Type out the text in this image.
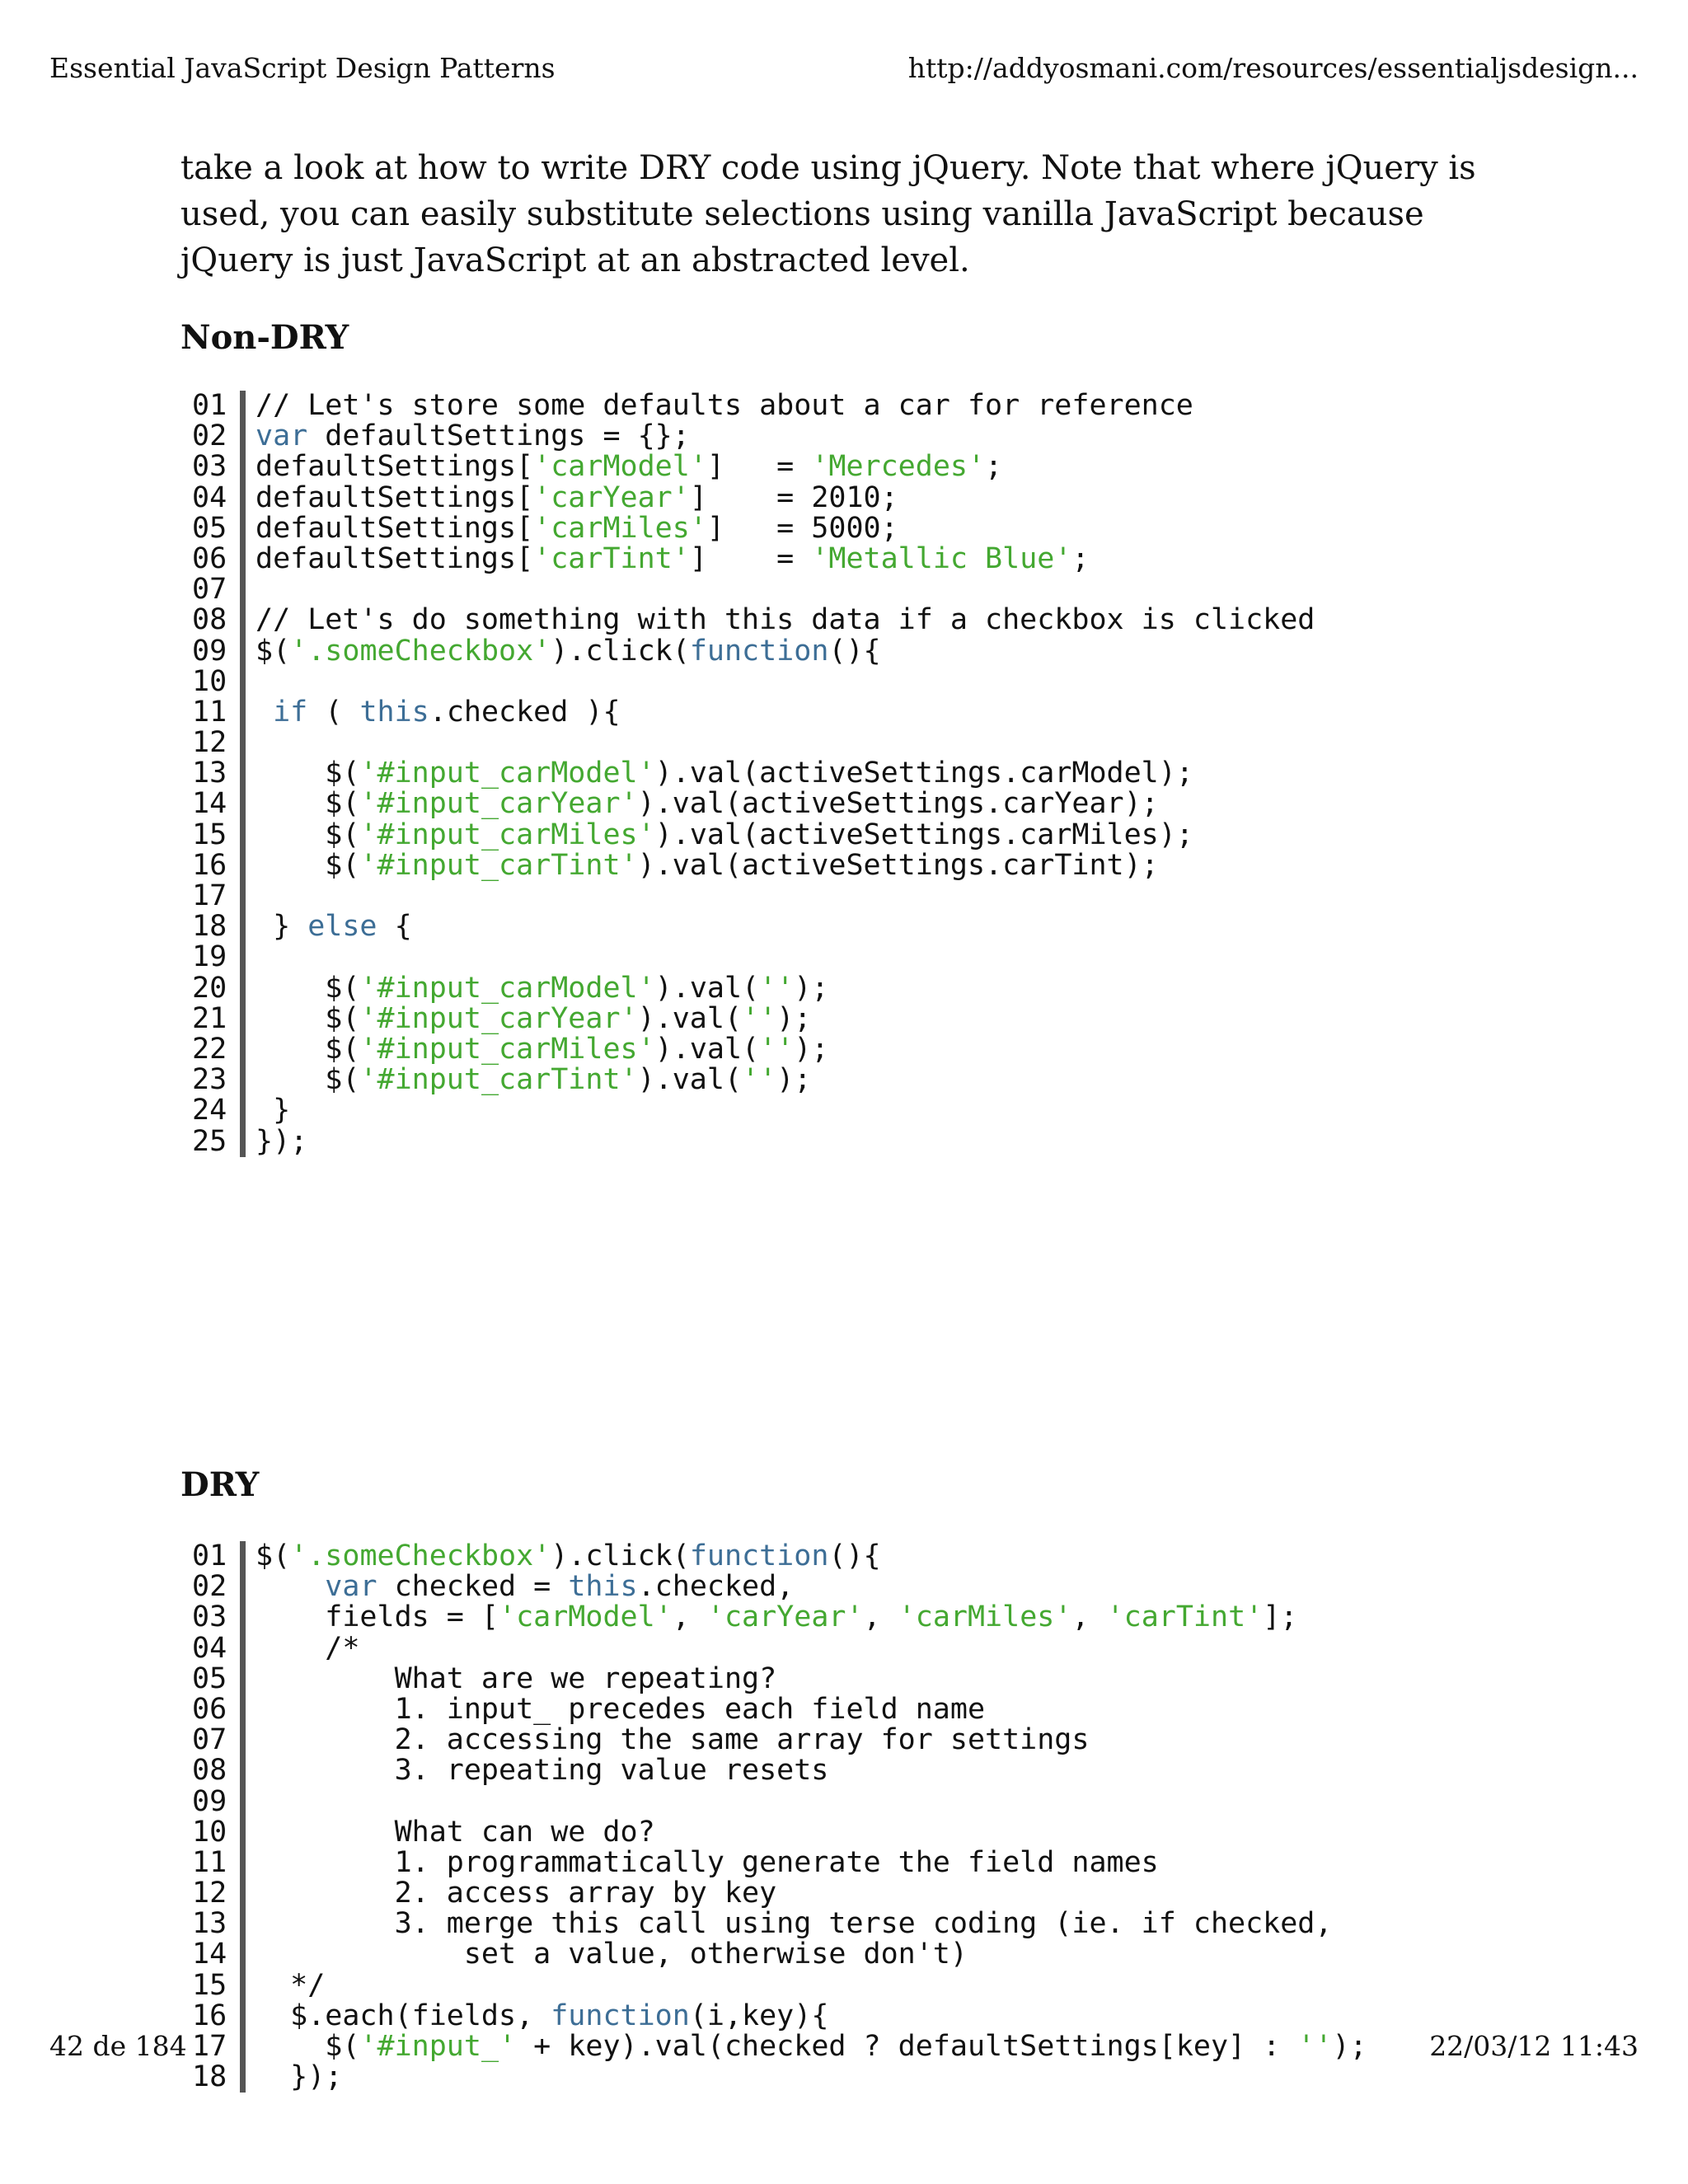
Essential JavaScript Design Patterns	http://addyosmani.com/resources/essentialjsdesign...

take a look at how to write DRY code using jQuery. Note that where jQuery is
used, you can easily substitute selections using vanilla JavaScript because
jQuery is just JavaScript at an abstracted level.

Non-DRY
01
02
03
04
05
06
07
08
09
10
11
12
13
14
15
16
17
18
19
20
21
22
23
24
25
// Let's store some defaults about a car for reference
var defaultSettings = {};
defaultSettings['carModel']   = 'Mercedes';
defaultSettings['carYear']    = 2010;
defaultSettings['carMiles']   = 5000;
defaultSettings['carTint']    = 'Metallic Blue';

// Let's do something with this data if a checkbox is clicked
$('.someCheckbox').click(function(){

if ( this.checked ){

$('#input_carModel').val(activeSettings.carModel);
$('#input_carYear').val(activeSettings.carYear);
$('#input_carMiles').val(activeSettings.carMiles);
$('#input_carTint').val(activeSettings.carTint);

} else {

$('#input_carModel').val('');
$('#input_carYear').val('');
$('#input_carMiles').val('');
$('#input_carTint').val('');
}
});
DRY
01
02
03
04
05
06
07
08
09
10
11
12
13
14
15
16
17
18
$('.someCheckbox').click(function(){
var checked = this.checked,
fields = ['carModel', 'carYear', 'carMiles', 'carTint'];
/*
What are we repeating?
1. input_ precedes each field name
2. accessing the same array for settings
3. repeating value resets

What can we do?
1. programmatically generate the field names
2. access array by key
3. merge this call using terse coding (ie. if checked,
set a value, otherwise don't)
*/
$.each(fields, function(i,key){
$('#input_' + key).val(checked ? defaultSettings[key] : '');
});
42 de 184	22/03/12 11:43
